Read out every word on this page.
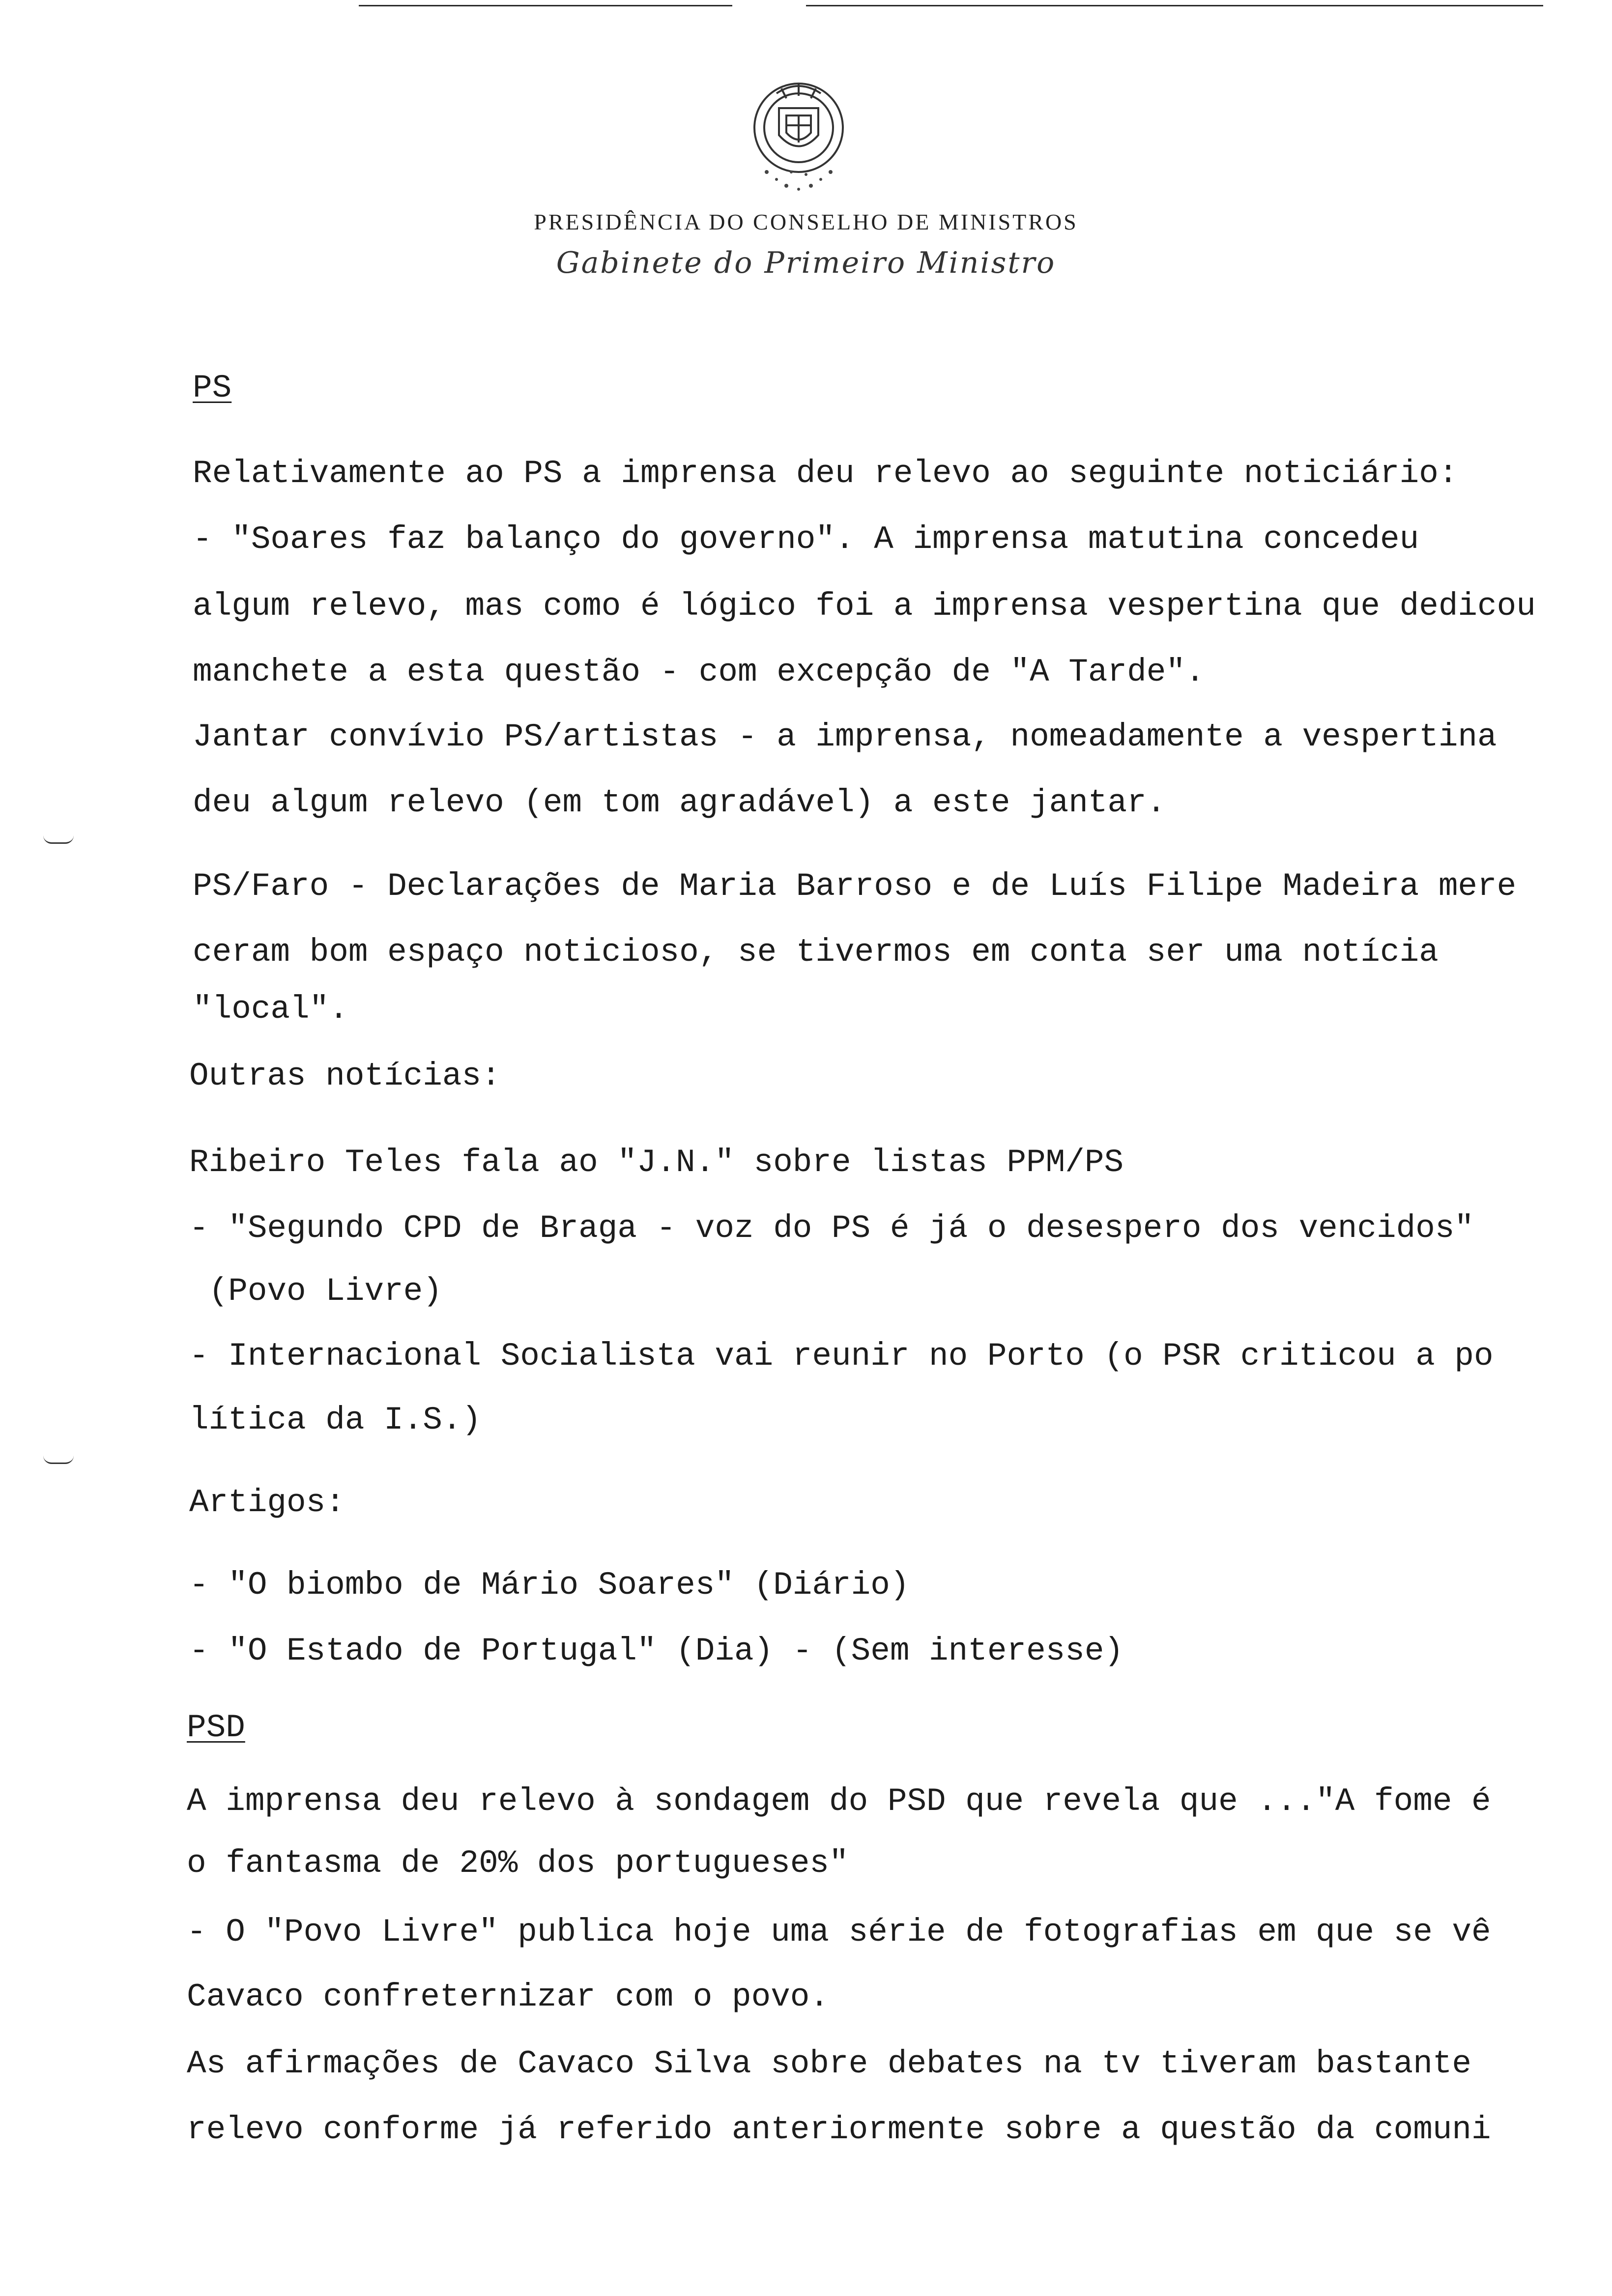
PRESIDÊNCIA DO CONSELHO DE MINISTROS
Gabinete do Primeiro Ministro
PS
Relativamente ao PS a imprensa deu relevo ao seguinte noticiário:
- "Soares faz balanço do governo". A imprensa matutina concedeu
algum relevo, mas como é lógico foi a imprensa vespertina que dedicou
manchete a esta questão - com excepção de "A Tarde".
Jantar convívio PS/artistas - a imprensa, nomeadamente a vespertina
deu algum relevo (em tom agradável) a este jantar.
PS/Faro - Declarações de Maria Barroso e de Luís Filipe Madeira mere
ceram bom espaço noticioso, se tivermos em conta ser uma notícia
"local".
Outras notícias:
Ribeiro Teles fala ao "J.N." sobre listas PPM/PS
- "Segundo CPD de Braga - voz do PS é já o desespero dos vencidos"
(Povo Livre)
- Internacional Socialista vai reunir no Porto (o PSR criticou a po
lítica da I.S.)
Artigos:
- "O biombo de Mário Soares" (Diário)
- "O Estado de Portugal" (Dia) - (Sem interesse)
PSD
A imprensa deu relevo à sondagem do PSD que revela que ..."A fome é
o fantasma de 20% dos portugueses"
- O "Povo Livre" publica hoje uma série de fotografias em que se vê
Cavaco confreternizar com o povo.
As afirmações de Cavaco Silva sobre debates na tv tiveram bastante
relevo conforme já referido anteriormente sobre a questão da comuni
